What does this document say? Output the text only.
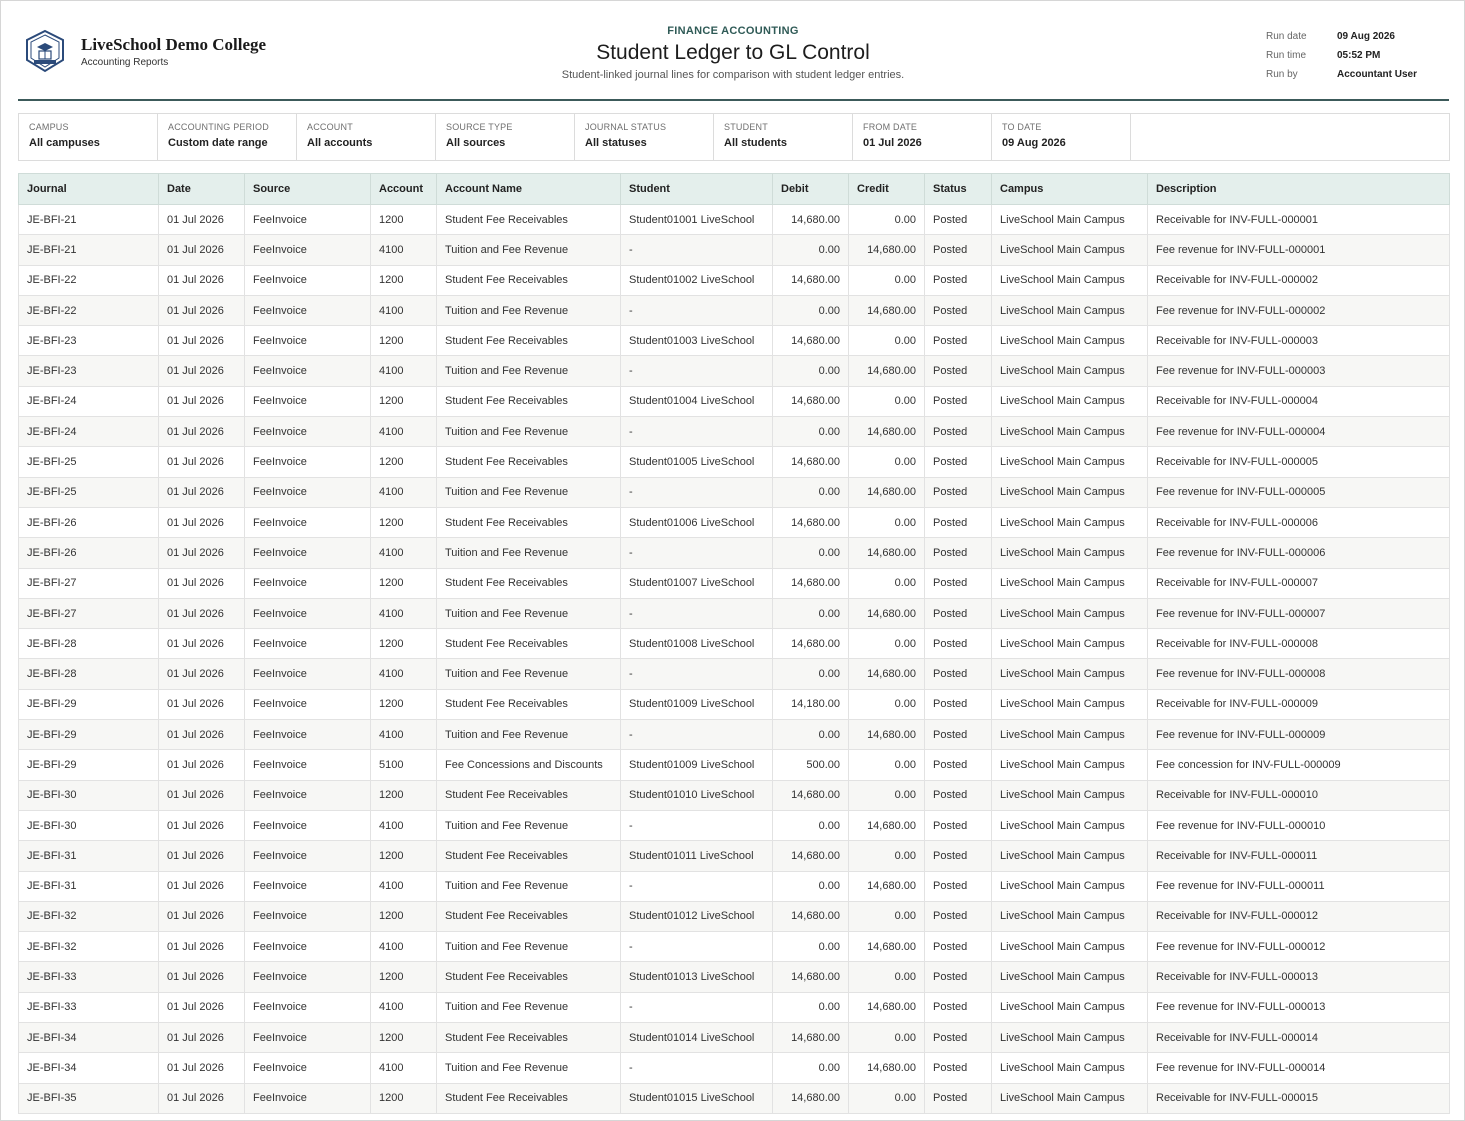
LiveSchool Demo College
Accounting Reports
FINANCE ACCOUNTING
Student Ledger to GL Control
Student-linked journal lines for comparison with student ledger entries.
Run date	09 Aug 2026
Run time	05:52 PM
Run by	Accountant User
CAMPUS
All campuses
ACCOUNTING PERIOD
Custom date range
ACCOUNT
All accounts
SOURCE TYPE
All sources
JOURNAL STATUS
All statuses
STUDENT
All students
FROM DATE
01 Jul 2026
TO DATE
09 Aug 2026
Journal	Date	Source	Account	Account Name	Student	Debit	Credit	Status	Campus	Description
JE-BFI-21	01 Jul 2026	FeeInvoice	1200	Student Fee Receivables	Student01001 LiveSchool	14,680.00	0.00	Posted	LiveSchool Main Campus	Receivable for INV-FULL-000001
JE-BFI-21	01 Jul 2026	FeeInvoice	4100	Tuition and Fee Revenue	-	0.00	14,680.00	Posted	LiveSchool Main Campus	Fee revenue for INV-FULL-000001
JE-BFI-22	01 Jul 2026	FeeInvoice	1200	Student Fee Receivables	Student01002 LiveSchool	14,680.00	0.00	Posted	LiveSchool Main Campus	Receivable for INV-FULL-000002
JE-BFI-22	01 Jul 2026	FeeInvoice	4100	Tuition and Fee Revenue	-	0.00	14,680.00	Posted	LiveSchool Main Campus	Fee revenue for INV-FULL-000002
JE-BFI-23	01 Jul 2026	FeeInvoice	1200	Student Fee Receivables	Student01003 LiveSchool	14,680.00	0.00	Posted	LiveSchool Main Campus	Receivable for INV-FULL-000003
JE-BFI-23	01 Jul 2026	FeeInvoice	4100	Tuition and Fee Revenue	-	0.00	14,680.00	Posted	LiveSchool Main Campus	Fee revenue for INV-FULL-000003
JE-BFI-24	01 Jul 2026	FeeInvoice	1200	Student Fee Receivables	Student01004 LiveSchool	14,680.00	0.00	Posted	LiveSchool Main Campus	Receivable for INV-FULL-000004
JE-BFI-24	01 Jul 2026	FeeInvoice	4100	Tuition and Fee Revenue	-	0.00	14,680.00	Posted	LiveSchool Main Campus	Fee revenue for INV-FULL-000004
JE-BFI-25	01 Jul 2026	FeeInvoice	1200	Student Fee Receivables	Student01005 LiveSchool	14,680.00	0.00	Posted	LiveSchool Main Campus	Receivable for INV-FULL-000005
JE-BFI-25	01 Jul 2026	FeeInvoice	4100	Tuition and Fee Revenue	-	0.00	14,680.00	Posted	LiveSchool Main Campus	Fee revenue for INV-FULL-000005
JE-BFI-26	01 Jul 2026	FeeInvoice	1200	Student Fee Receivables	Student01006 LiveSchool	14,680.00	0.00	Posted	LiveSchool Main Campus	Receivable for INV-FULL-000006
JE-BFI-26	01 Jul 2026	FeeInvoice	4100	Tuition and Fee Revenue	-	0.00	14,680.00	Posted	LiveSchool Main Campus	Fee revenue for INV-FULL-000006
JE-BFI-27	01 Jul 2026	FeeInvoice	1200	Student Fee Receivables	Student01007 LiveSchool	14,680.00	0.00	Posted	LiveSchool Main Campus	Receivable for INV-FULL-000007
JE-BFI-27	01 Jul 2026	FeeInvoice	4100	Tuition and Fee Revenue	-	0.00	14,680.00	Posted	LiveSchool Main Campus	Fee revenue for INV-FULL-000007
JE-BFI-28	01 Jul 2026	FeeInvoice	1200	Student Fee Receivables	Student01008 LiveSchool	14,680.00	0.00	Posted	LiveSchool Main Campus	Receivable for INV-FULL-000008
JE-BFI-28	01 Jul 2026	FeeInvoice	4100	Tuition and Fee Revenue	-	0.00	14,680.00	Posted	LiveSchool Main Campus	Fee revenue for INV-FULL-000008
JE-BFI-29	01 Jul 2026	FeeInvoice	1200	Student Fee Receivables	Student01009 LiveSchool	14,180.00	0.00	Posted	LiveSchool Main Campus	Receivable for INV-FULL-000009
JE-BFI-29	01 Jul 2026	FeeInvoice	4100	Tuition and Fee Revenue	-	0.00	14,680.00	Posted	LiveSchool Main Campus	Fee revenue for INV-FULL-000009
JE-BFI-29	01 Jul 2026	FeeInvoice	5100	Fee Concessions and Discounts	Student01009 LiveSchool	500.00	0.00	Posted	LiveSchool Main Campus	Fee concession for INV-FULL-000009
JE-BFI-30	01 Jul 2026	FeeInvoice	1200	Student Fee Receivables	Student01010 LiveSchool	14,680.00	0.00	Posted	LiveSchool Main Campus	Receivable for INV-FULL-000010
JE-BFI-30	01 Jul 2026	FeeInvoice	4100	Tuition and Fee Revenue	-	0.00	14,680.00	Posted	LiveSchool Main Campus	Fee revenue for INV-FULL-000010
JE-BFI-31	01 Jul 2026	FeeInvoice	1200	Student Fee Receivables	Student01011 LiveSchool	14,680.00	0.00	Posted	LiveSchool Main Campus	Receivable for INV-FULL-000011
JE-BFI-31	01 Jul 2026	FeeInvoice	4100	Tuition and Fee Revenue	-	0.00	14,680.00	Posted	LiveSchool Main Campus	Fee revenue for INV-FULL-000011
JE-BFI-32	01 Jul 2026	FeeInvoice	1200	Student Fee Receivables	Student01012 LiveSchool	14,680.00	0.00	Posted	LiveSchool Main Campus	Receivable for INV-FULL-000012
JE-BFI-32	01 Jul 2026	FeeInvoice	4100	Tuition and Fee Revenue	-	0.00	14,680.00	Posted	LiveSchool Main Campus	Fee revenue for INV-FULL-000012
JE-BFI-33	01 Jul 2026	FeeInvoice	1200	Student Fee Receivables	Student01013 LiveSchool	14,680.00	0.00	Posted	LiveSchool Main Campus	Receivable for INV-FULL-000013
JE-BFI-33	01 Jul 2026	FeeInvoice	4100	Tuition and Fee Revenue	-	0.00	14,680.00	Posted	LiveSchool Main Campus	Fee revenue for INV-FULL-000013
JE-BFI-34	01 Jul 2026	FeeInvoice	1200	Student Fee Receivables	Student01014 LiveSchool	14,680.00	0.00	Posted	LiveSchool Main Campus	Receivable for INV-FULL-000014
JE-BFI-34	01 Jul 2026	FeeInvoice	4100	Tuition and Fee Revenue	-	0.00	14,680.00	Posted	LiveSchool Main Campus	Fee revenue for INV-FULL-000014
JE-BFI-35	01 Jul 2026	FeeInvoice	1200	Student Fee Receivables	Student01015 LiveSchool	14,680.00	0.00	Posted	LiveSchool Main Campus	Receivable for INV-FULL-000015
